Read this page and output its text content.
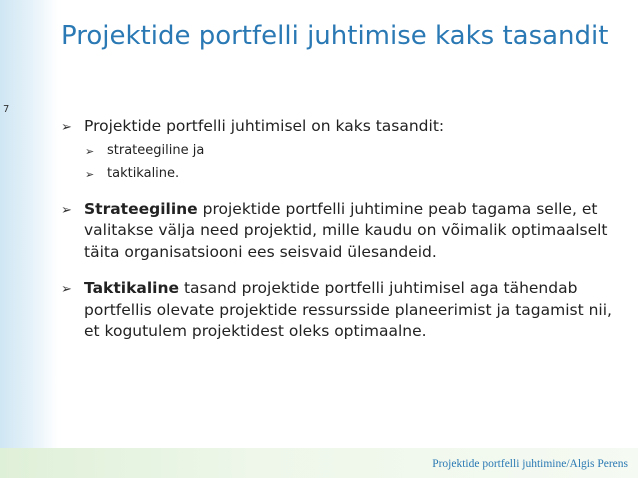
Projektide portfelli juhtimise kaks tasandit
7
➢ Projektide portfelli juhtimisel on kaks tasandit:
➢ strateegiline ja
➢ taktikaline.
➢ Strateegiline projektide portfelli juhtimine peab tagama selle, et valitakse välja need projektid, mille kaudu on võimalik optimaalselt täita organisatsiooni ees seisvaid ülesandeid.
➢ Taktikaline tasand projektide portfelli juhtimisel aga tähendab portfellis olevate projektide ressursside planeerimist ja tagamist nii, et kogutulem projektidest oleks optimaalne.
Projektide portfelli juhtimine/Algis Perens
